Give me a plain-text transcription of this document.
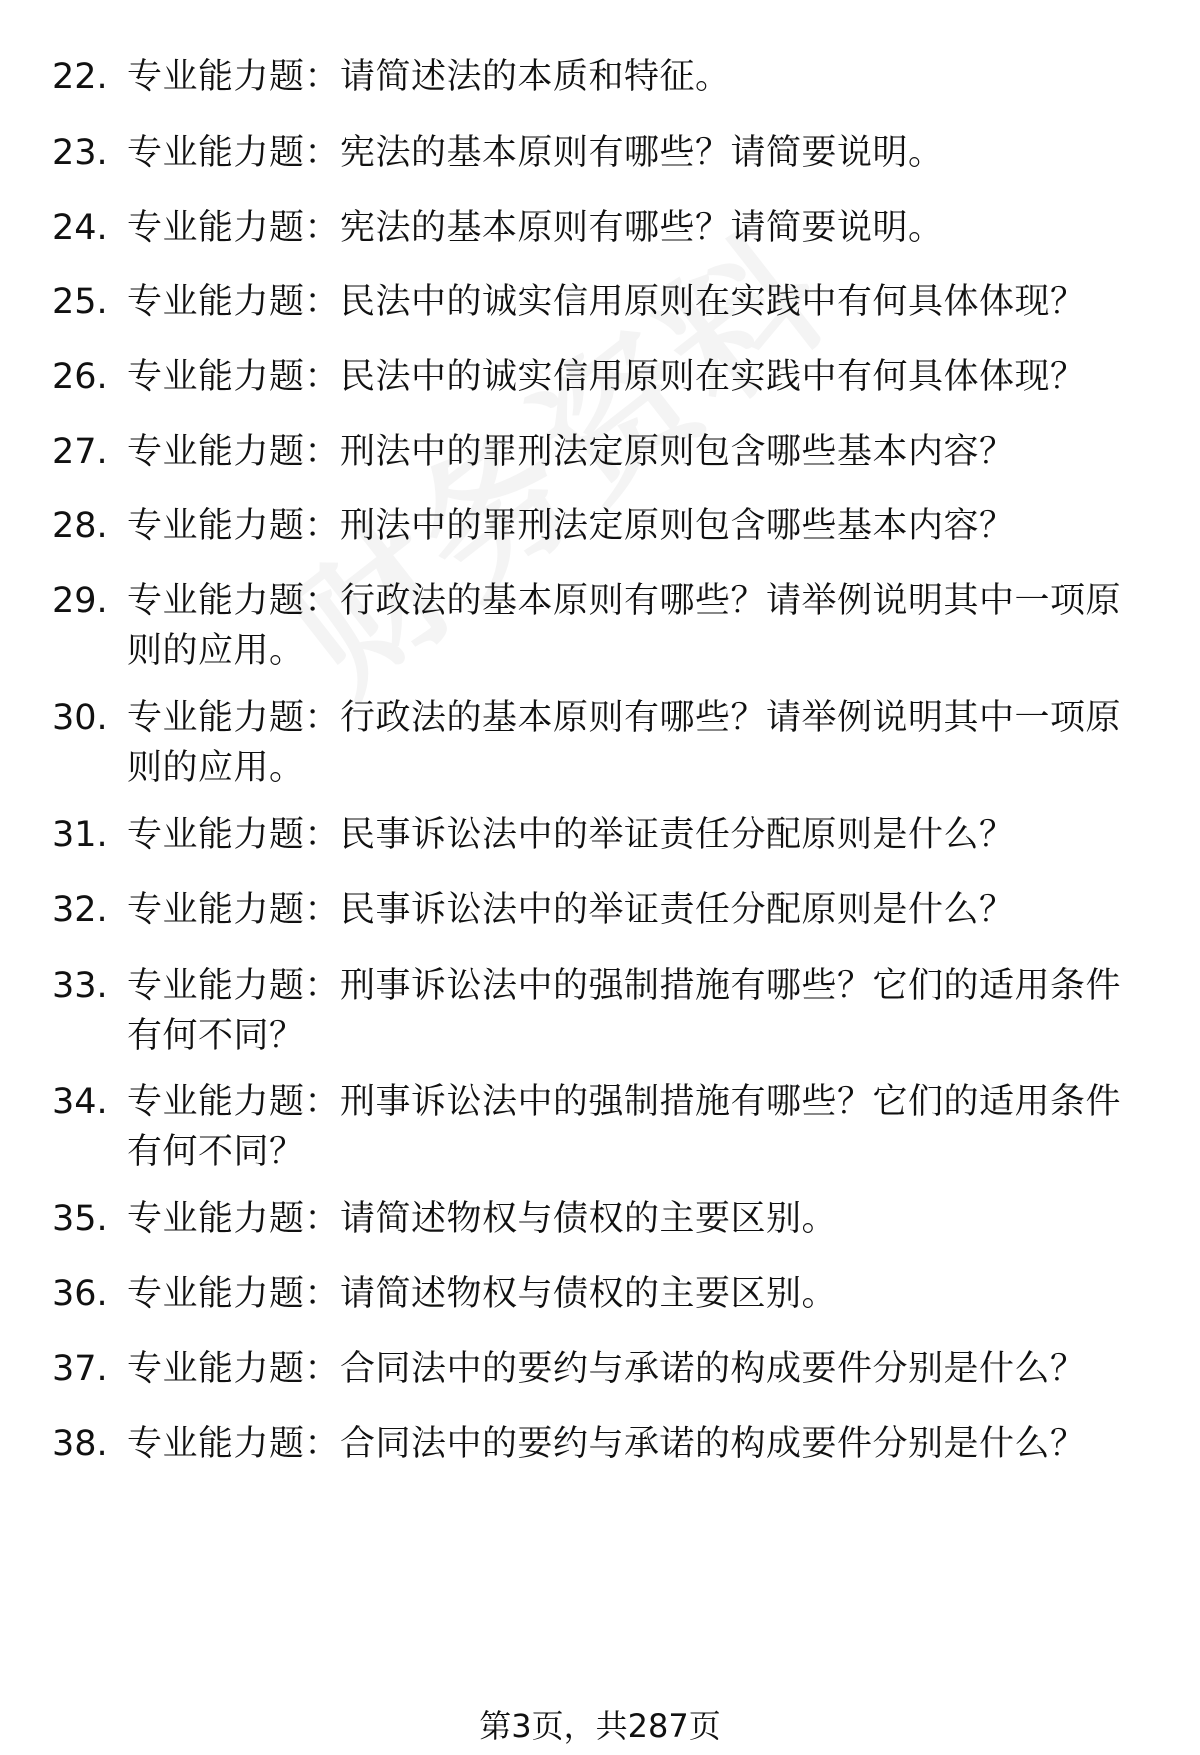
22. 专业能力题：请简述法的本质和特征。
23. 专业能力题：宪法的基本原则有哪些？请简要说明。
24. 专业能力题：宪法的基本原则有哪些？请简要说明。
25. 专业能力题：民法中的诚实信用原则在实践中有何具体体现？
26. 专业能力题：民法中的诚实信用原则在实践中有何具体体现？
27. 专业能力题：刑法中的罪刑法定原则包含哪些基本内容？
28. 专业能力题：刑法中的罪刑法定原则包含哪些基本内容？
29. 专业能力题：行政法的基本原则有哪些？请举例说明其中一项原则的应用。
30. 专业能力题：行政法的基本原则有哪些？请举例说明其中一项原则的应用。
31. 专业能力题：民事诉讼法中的举证责任分配原则是什么？
32. 专业能力题：民事诉讼法中的举证责任分配原则是什么？
33. 专业能力题：刑事诉讼法中的强制措施有哪些？它们的适用条件有何不同？
34. 专业能力题：刑事诉讼法中的强制措施有哪些？它们的适用条件有何不同？
35. 专业能力题：请简述物权与债权的主要区别。
36. 专业能力题：请简述物权与债权的主要区别。
37. 专业能力题：合同法中的要约与承诺的构成要件分别是什么？
38. 专业能力题：合同法中的要约与承诺的构成要件分别是什么？
第3页，共287页
